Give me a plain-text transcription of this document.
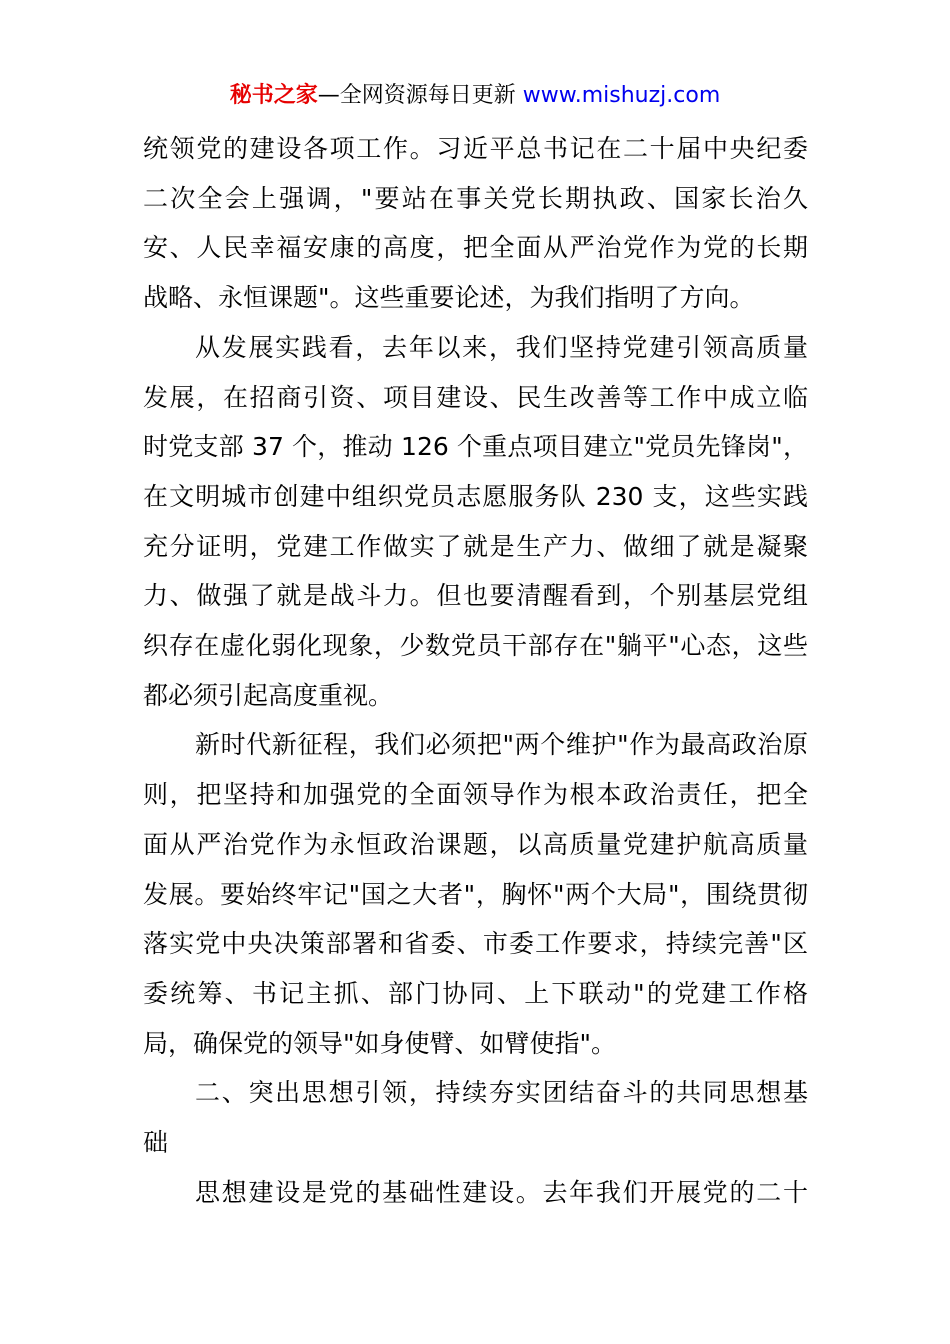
秘书之家—全网资源每日更新 www.mishuzj.com
统领党的建设各项工作。习近平总书记在二十届中央纪委
二次全会上强调，"要站在事关党长期执政、国家长治久
安、人民幸福安康的高度，把全面从严治党作为党的长期
战略、永恒课题"。这些重要论述，为我们指明了方向。
从发展实践看，去年以来，我们坚持党建引领高质量
发展，在招商引资、项目建设、民生改善等工作中成立临
时党支部 37 个，推动 126 个重点项目建立"党员先锋岗"，
在文明城市创建中组织党员志愿服务队 230 支，这些实践
充分证明，党建工作做实了就是生产力、做细了就是凝聚
力、做强了就是战斗力。但也要清醒看到，个别基层党组
织存在虚化弱化现象，少数党员干部存在"躺平"心态，这些
都必须引起高度重视。
新时代新征程，我们必须把"两个维护"作为最高政治原
则，把坚持和加强党的全面领导作为根本政治责任，把全
面从严治党作为永恒政治课题，以高质量党建护航高质量
发展。要始终牢记"国之大者"，胸怀"两个大局"，围绕贯彻
落实党中央决策部署和省委、市委工作要求，持续完善"区
委统筹、书记主抓、部门协同、上下联动"的党建工作格
局，确保党的领导"如身使臂、如臂使指"。
二、突出思想引领，持续夯实团结奋斗的共同思想基
础
思想建设是党的基础性建设。去年我们开展党的二十
